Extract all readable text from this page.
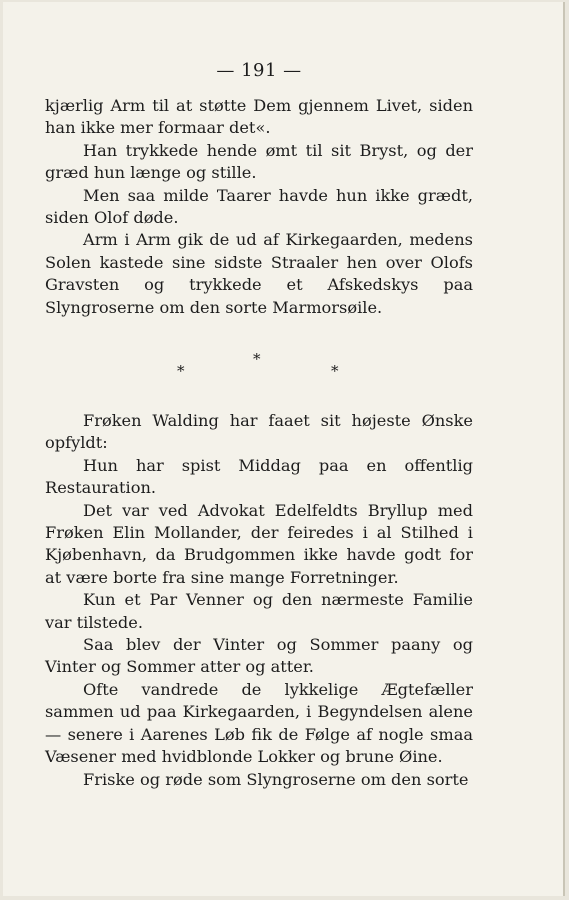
— 191 —

kjærlig Arm til at støtte Dem gjennem Livet, siden han ikke mer formaar det«.

Han trykkede hende ømt til sit Bryst, og der græd hun længe og stille.

Men saa milde Taarer havde hun ikke grædt, siden Olof døde.

Arm i Arm gik de ud af Kirkegaarden, medens Solen kastede sine sidste Straaler hen over Olofs Gravsten og trykkede et Afskedskys paa Slyngroserne om den sorte Marmorsøile.

*
*
*

Frøken Walding har faaet sit højeste Ønske opfyldt:

Hun har spist Middag paa en offentlig Restauration.

Det var ved Advokat Edelfeldts Bryllup med Frøken Elin Mollander, der feiredes i al Stilhed i Kjøbenhavn, da Brudgommen ikke havde godt for at være borte fra sine mange Forretninger.

Kun et Par Venner og den nærmeste Familie var tilstede.

Saa blev der Vinter og Sommer paany og Vinter og Sommer atter og atter.

Ofte vandrede de lykkelige Ægtefæller sammen ud paa Kirkegaarden, i Begyndelsen alene — senere i Aarenes Løb fik de Følge af nogle smaa Væsener med hvidblonde Lokker og brune Øine.

Friske og røde som Slyngroserne om den sorte
